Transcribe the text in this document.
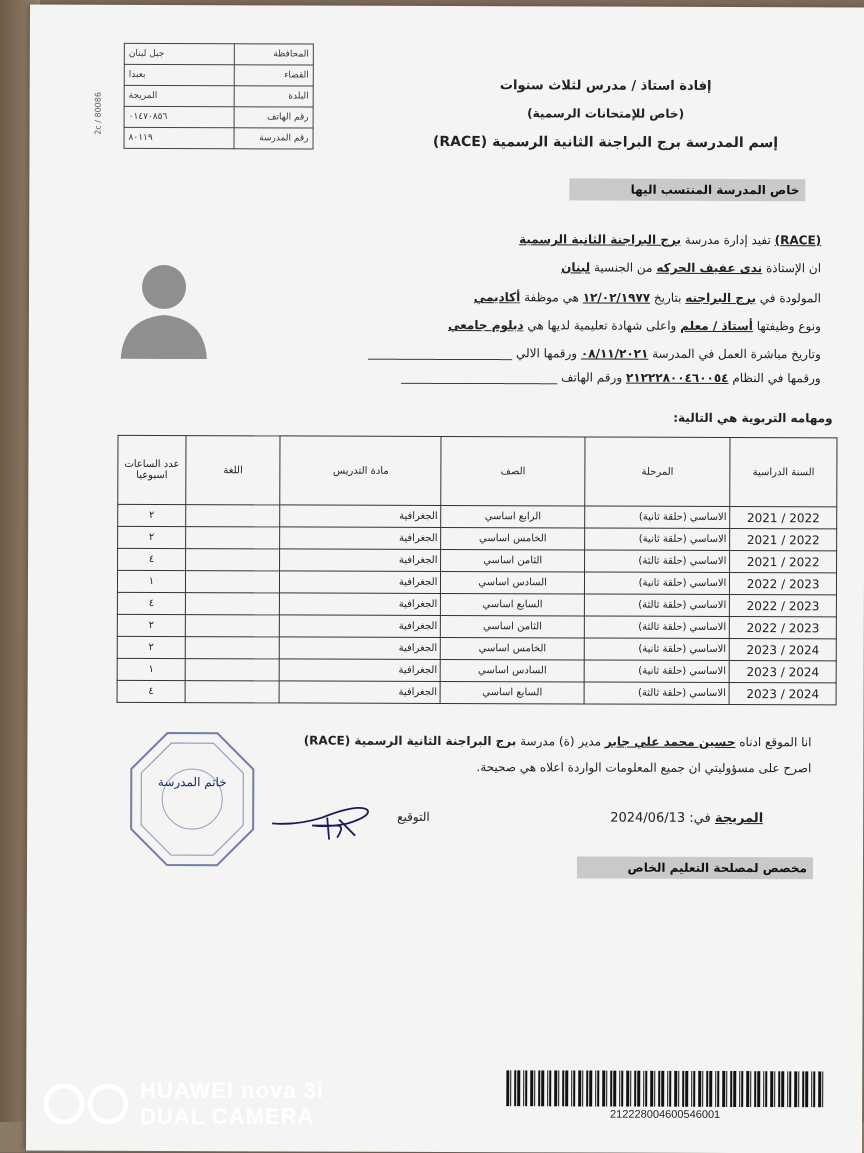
جبل لبنان	المحافظة
بعبدا	القضاء
المريجة	البلدة
٠١٤٧٠٨٥٦	رقم الهاتف
٨٠١١٩	رقم المدرسة
2c / 80086
إفادة استاذ / مدرس لثلاث سنوات
(خاص للإمتحانات الرسمية)
إسم المدرسة برج البراجنة الثانية الرسمية (RACE)
خاص المدرسة المنتسب اليها
(RACE) تفيد إدارة مدرسة برج البراجنة الثانية الرسمية
ان الإستاذة ندى عفيف الحركه من الجنسية لبنان
المولودة في برج البراجنه بتاريخ ١٢/٠٢/١٩٧٧ هي موظفة أكاديمي
ونوع وظيفتها أستاذ / معلم واعلى شهادة تعليمية لديها هي دبلوم جامعي
وتاريخ مباشرة العمل في المدرسة ٠٨/١١/٢٠٢١ ورقمها الالي ________________________
ورقمها في النظام ٢١٢٢٢٨٠٠٤٦٠٠٥٤ ورقم الهاتف __________________________
ومهامه التربوية هي التالية:
عدد الساعات اسبوعيا	اللغة	مادة التدريس	الصف	المرحلة	السنة الدراسية
٢		الجغرافية	الرابع اساسي	الاساسي (حلقة ثانية)	2021 / 2022
٢		الجغرافية	الخامس اساسي	الاساسي (حلقة ثانية)	2021 / 2022
٤		الجغرافية	الثامن اساسي	الاساسي (حلقة ثالثة)	2021 / 2022
١		الجغرافية	السادس اساسي	الاساسي (حلقة ثانية)	2022 / 2023
٤		الجغرافية	السابع اساسي	الاساسي (حلقة ثالثة)	2022 / 2023
٢		الجغرافية	الثامن اساسي	الاساسي (حلقة ثالثة)	2022 / 2023
٢		الجغرافية	الخامس اساسي	الاساسي (حلقة ثانية)	2023 / 2024
١		الجغرافية	السادس اساسي	الاساسي (حلقة ثانية)	2023 / 2024
٤		الجغرافية	السابع اساسي	الاساسي (حلقة ثالثة)	2023 / 2024
انا الموقع ادناه حسين محمد علي جابر مدير (ة) مدرسة برج البراجنة الثانية الرسمية (RACE)
اصرح على مسؤوليتي ان جميع المعلومات الواردة اعلاه هي صحيحة.
المريجة في: 2024/06/13
التوقيع
خاتم المدرسة
مخصص لمصلحة التعليم الخاص
21222800460054600​1
HUAWEI nova 3i
DUAL CAMERA
